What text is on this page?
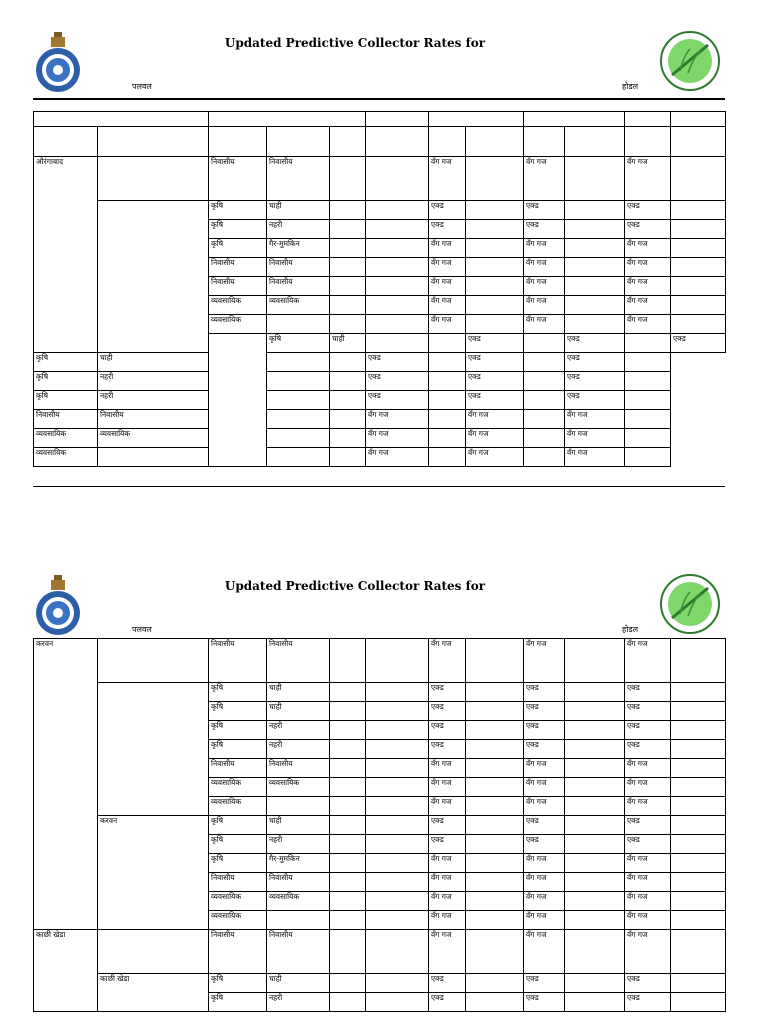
Updated Predictive Collector Rates for
पलवल	होडल

औरंगाबाद		निवासीय	निवासीय			वँग गज		वँग गज		वँग गज		
		कृषि	चाही			एक्ड		एक्ड		एक्ड		
		कृषि	नहरी			एक्ड		एक्ड		एक्ड		
		कृषि	गैर-मुमकिन			वँग गज		वँग गज		वँग गज		
		निवासीय	निवासीय			वँग गज		वँग गज		वँग गज		
		निवासीय	निवासीय			वँग गज		वँग गज		वँग गज		
		व्यवसायिक	व्यवसायिक			वँग गज		वँग गज		वँग गज		
		व्यवसायिक				वँग गज		वँग गज		वँग गज		
			कृषि	चाही			एक्ड		एक्ड		एक्ड	
कृषि	चाही				एक्ड		एक्ड		एक्ड			
कृषि	नहरी				एक्ड		एक्ड		एक्ड			
कृषि	नहरी				एक्ड		एक्ड		एक्ड			
निवासीय	निवासीय				वँग गज		वँग गज		वँग गज			
व्यवसायिक	व्यवसायिक				वँग गज		वँग गज		वँग गज			
व्यवसायिक					वँग गज		वँग गज		वँग गज			
Updated Predictive Collector Rates for
पलवल	होडल
करवन		निवासीय	निवासीय			वँग गज		वँग गज		वँग गज	
		कृषि	चाही			एक्ड		एक्ड		एक्ड	
		कृषि	चाही			एक्ड		एक्ड		एक्ड	
		कृषि	नहरी			एक्ड		एक्ड		एक्ड	
		कृषि	नहरी			एक्ड		एक्ड		एक्ड	
		निवासीय	निवासीय			वँग गज		वँग गज		वँग गज	
		व्यवसायिक	व्यवसायिक			वँग गज		वँग गज		वँग गज	
		व्यवसायिक				वँग गज		वँग गज		वँग गज	
	करवन	कृषि	चाही			एक्ड		एक्ड		एक्ड	
		कृषि	नहरी			एक्ड		एक्ड		एक्ड	
		कृषि	गैर-मुमकिन			वँग गज		वँग गज		वँग गज	
		निवासीय	निवासीय			वँग गज		वँग गज		वँग गज	
		व्यवसायिक	व्यवसायिक			वँग गज		वँग गज		वँग गज	
		व्यवसायिक				वँग गज		वँग गज		वँग गज	
काछी खेडा		निवासीय	निवासीय			वँग गज		वँग गज		वँग गज	
	काछी खेडा	कृषि	चाही			एक्ड		एक्ड		एक्ड	
		कृषि	नहरी			एक्ड		एक्ड		एक्ड	
